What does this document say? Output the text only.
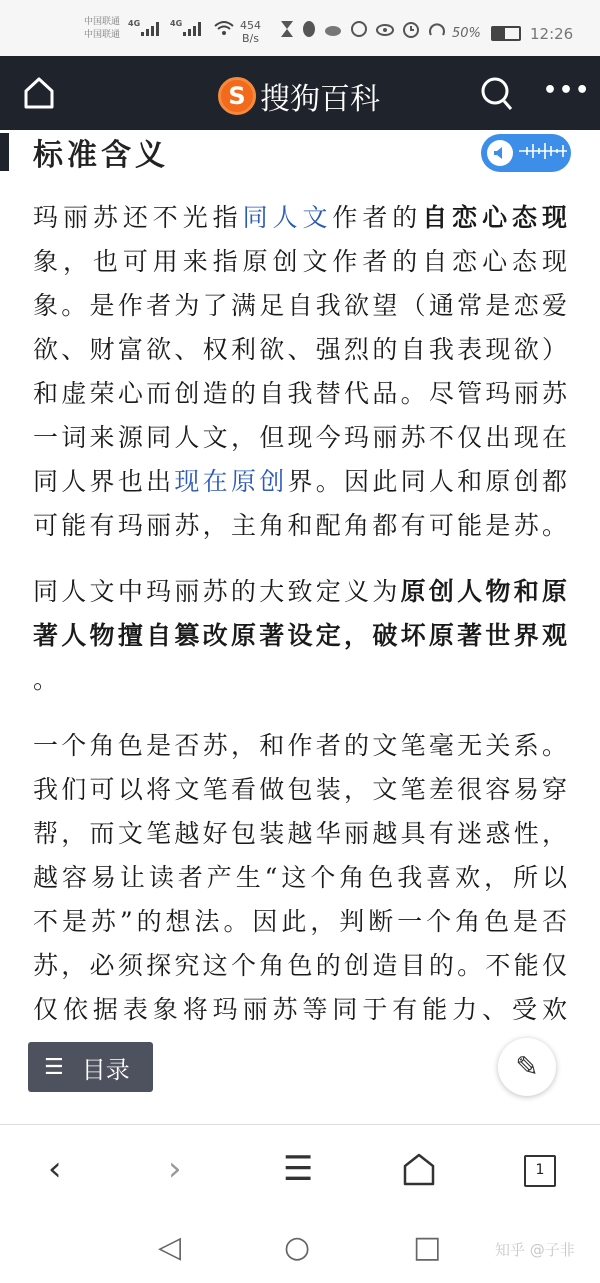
中国联通
中国联通
4G	4G	454
B/s	50%	12:26
S 搜狗百科	•••
标准含义
玛丽苏还不光指同人文作者的自恋心态现
象，也可用来指原创文作者的自恋心态现
象。是作者为了满足自我欲望（通常是恋爱
欲、财富欲、权利欲、强烈的自我表现欲）
和虚荣心而创造的自我替代品。尽管玛丽苏
一词来源同人文，但现今玛丽苏不仅出现在
同人界也出现在原创界。因此同人和原创都
可能有玛丽苏，主角和配角都有可能是苏。
同人文中玛丽苏的大致定义为原创人物和原
著人物擅自篡改原著设定，破坏原著世界观
。
一个角色是否苏，和作者的文笔毫无关系。
我们可以将文笔看做包装，文笔差很容易穿
帮，而文笔越好包装越华丽越具有迷惑性，
越容易让读者产生“这个角色我喜欢，所以
不是苏”的想法。因此，判断一个角色是否
苏，必须探究这个角色的创造目的。不能仅
仅依据表象将玛丽苏等同于有能力、受欢
☰ 目录	✎
‹	›	☰	1
◁	○	□	知乎 @子非
